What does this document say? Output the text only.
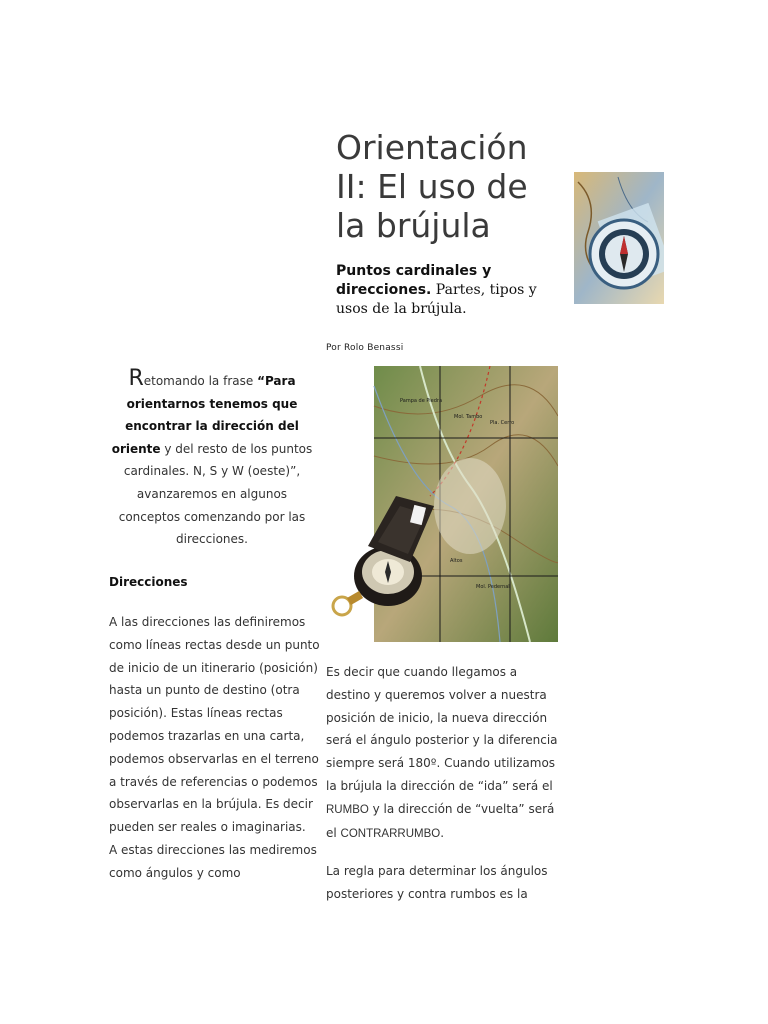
Orientación II: El uso de la brújula
Puntos cardinales y direcciones. Partes, tipos y usos de la brújula.
Por Rolo Benassi
Retomando la frase “Para orientarnos tenemos que encontrar la dirección del oriente y del resto de los puntos cardinales. N, S y W (oeste)”, avanzaremos en algunos conceptos comenzando por las direcciones.
Direcciones

A las direcciones las definiremos como líneas rectas desde un punto de inicio de un itinerario (posición) hasta un punto de destino (otra posición). Estas líneas rectas podemos trazarlas en una carta, podemos observarlas en el terreno a través de referencias o podemos observarlas en la brújula. Es decir pueden ser reales o imaginarias.

A estas direcciones las mediremos como ángulos y como

Pampa de Piedra
Mol. Tambo
Pla. Cerro
Altos
Mol. Pedernal

Es decir que cuando llegamos a destino y queremos volver a nuestra posición de inicio, la nueva dirección será el ángulo posterior y la diferencia siempre será 180º. Cuando utilizamos la brújula la dirección de “ida” será el RUMBO y la dirección de “vuelta” será el CONTRARRUMBO.

La regla para determinar los ángulos posteriores y contra rumbos es la
